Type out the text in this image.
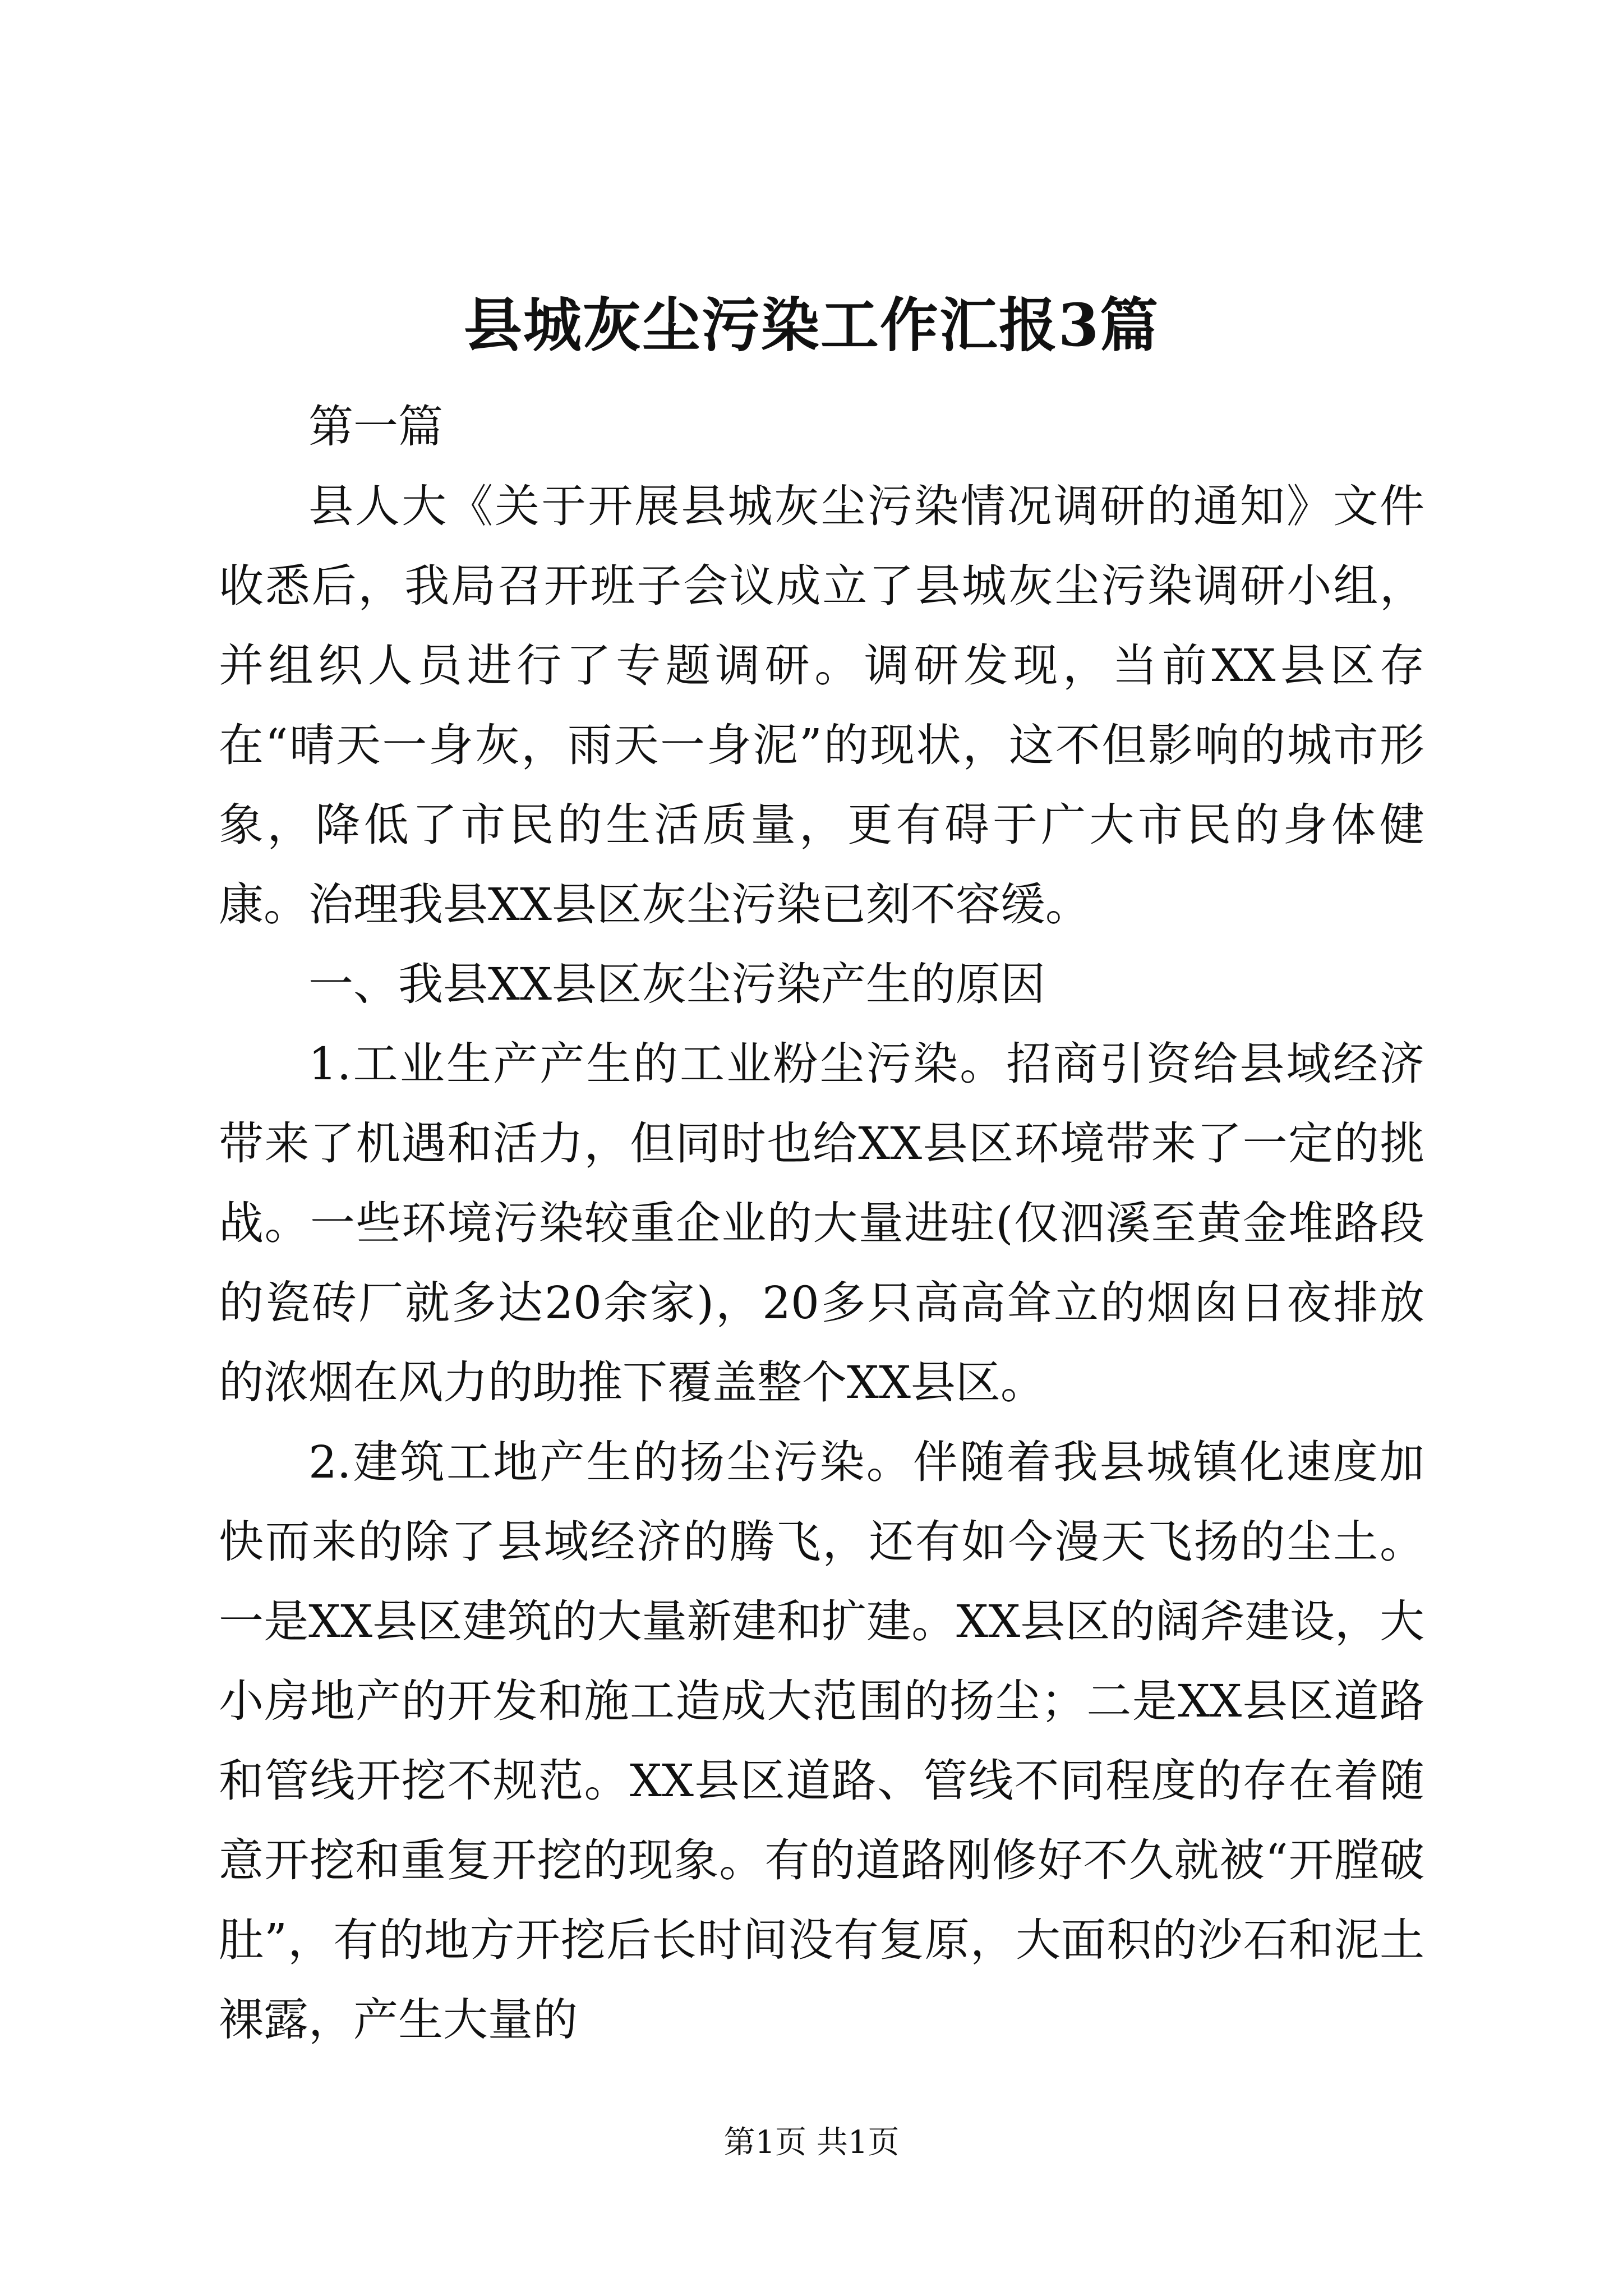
县城灰尘污染工作汇报3篇

第一篇

县人大《关于开展县城灰尘污染情况调研的通知》文件收悉后，我局召开班子会议成立了县城灰尘污染调研小组，并组织人员进行了专题调研。调研发现，当前XX县区存在“晴天一身灰，雨天一身泥”的现状，这不但影响的城市形象，降低了市民的生活质量，更有碍于广大市民的身体健康。治理我县XX县区灰尘污染已刻不容缓。

一、我县XX县区灰尘污染产生的原因

1.工业生产产生的工业粉尘污染。招商引资给县域经济带来了机遇和活力，但同时也给XX县区环境带来了一定的挑战。一些环境污染较重企业的大量进驻(仅泗溪至黄金堆路段的瓷砖厂就多达20余家)，20多只高高耸立的烟囱日夜排放的浓烟在风力的助推下覆盖整个XX县区。

2.建筑工地产生的扬尘污染。伴随着我县城镇化速度加快而来的除了县域经济的腾飞，还有如今漫天飞扬的尘土。一是XX县区建筑的大量新建和扩建。XX县区的阔斧建设，大小房地产的开发和施工造成大范围的扬尘；二是XX县区道路和管线开挖不规范。XX县区道路、管线不同程度的存在着随意开挖和重复开挖的现象。有的道路刚修好不久就被“开膛破肚”，有的地方开挖后长时间没有复原，大面积的沙石和泥土裸露，产生大量的

第1页 共1页
